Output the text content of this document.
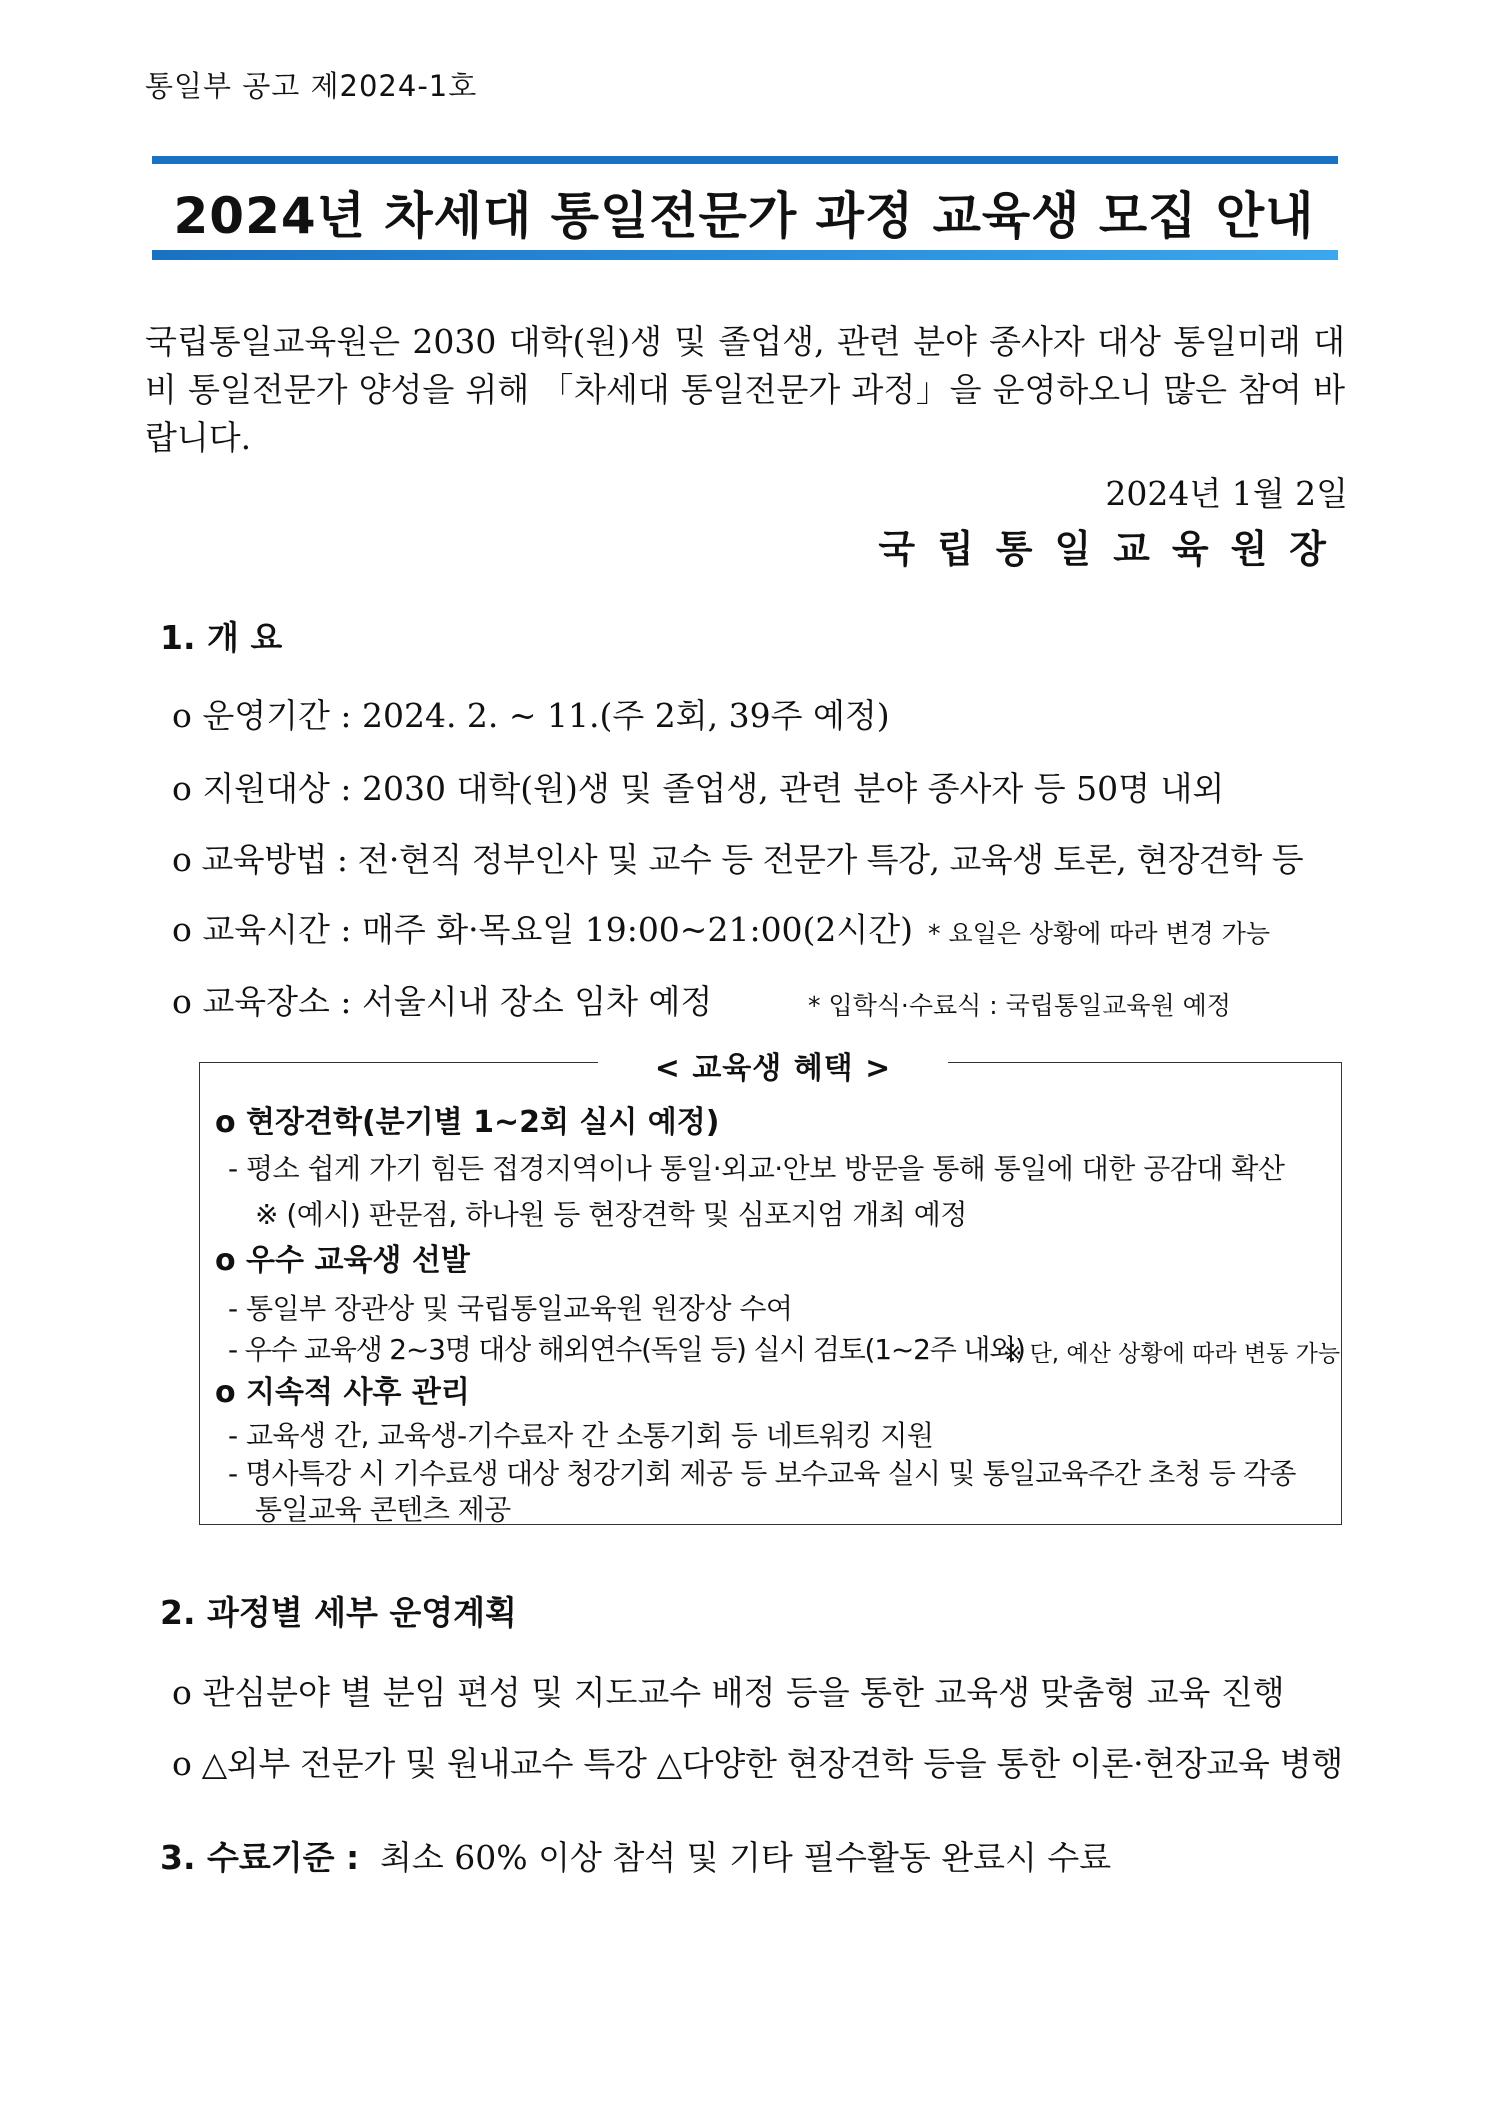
통일부 공고 제2024-1호
2024년 차세대 통일전문가 과정 교육생 모집 안내
국립통일교육원은 2030 대학(원)생 및 졸업생, 관련 분야 종사자 대상 통일미래 대비 통일전문가 양성을 위해 「차세대 통일전문가 과정」을 운영하오니 많은 참여 바랍니다.
2024년 1월 2일
국립통일교육원장
1. 개 요
o 운영기간 : 2024. 2. ~ 11.(주 2회, 39주 예정)
o 지원대상 : 2030 대학(원)생 및 졸업생, 관련 분야 종사자 등 50명 내외
o 교육방법 : 전·현직 정부인사 및 교수 등 전문가 특강, 교육생 토론, 현장견학 등
o 교육시간 : 매주 화·목요일 19:00~21:00(2시간) * 요일은 상황에 따라 변경 가능
o 교육장소 : 서울시내 장소 임차 예정	* 입학식·수료식 : 국립통일교육원 예정
< 교육생 혜택 >
o 현장견학(분기별 1~2회 실시 예정)
- 평소 쉽게 가기 힘든 접경지역이나 통일·외교·안보 방문을 통해 통일에 대한 공감대 확산
※ (예시) 판문점, 하나원 등 현장견학 및 심포지엄 개최 예정
o 우수 교육생 선발
- 통일부 장관상 및 국립통일교육원 원장상 수여
- 우수 교육생 2~3명 대상 해외연수(독일 등) 실시 검토(1~2주 내외)
※ 단, 예산 상황에 따라 변동 가능
o 지속적 사후 관리
- 교육생 간, 교육생-기수료자 간 소통기회 등 네트워킹 지원
- 명사특강 시 기수료생 대상 청강기회 제공 등 보수교육 실시 및 통일교육주간 초청 등 각종
통일교육 콘텐츠 제공
2. 과정별 세부 운영계획
o 관심분야 별 분임 편성 및 지도교수 배정 등을 통한 교육생 맞춤형 교육 진행
o △외부 전문가 및 원내교수 특강 △다양한 현장견학 등을 통한 이론·현장교육 병행
3. 수료기준 : 최소 60% 이상 참석 및 기타 필수활동 완료시 수료
